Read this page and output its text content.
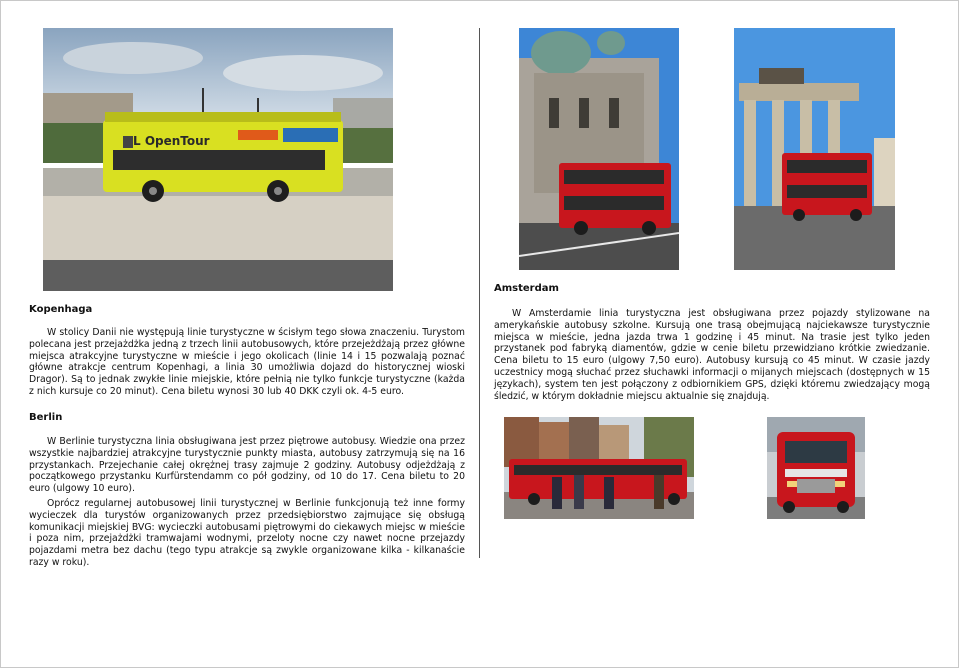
L OpenTour
Kopenhaga

W stolicy Danii nie występują linie turystyczne w ścisłym tego słowa znaczeniu. Turystom polecana jest przejażdżka jedną z trzech linii autobusowych, które przejeżdżają przez główne miejsca atrakcyjne turystyczne w mieście i jego okolicach (linie 14 i 15 pozwalają poznać główne atrakcje centrum Kopenhagi, a linia 30 umożliwia dojazd do historycznej wioski Dragor). Są to jednak zwykłe linie miejskie, które pełnią nie tylko funkcje turystyczne (każda z nich kursuje co 20 minut). Cena biletu wynosi 30 lub 40 DKK czyli ok. 4-5 euro.

Berlin

W Berlinie turystyczna linia obsługiwana jest przez piętrowe autobusy. Wiedzie ona przez wszystkie najbardziej atrakcyjne turystycznie punkty miasta, autobusy zatrzymują się na 16 przystankach. Przejechanie całej okrężnej trasy zajmuje 2 godziny. Autobusy odjeżdżają z początkowego przystanku Kurfürstendamm co pół godziny, od 10 do 17. Cena biletu to 20 euro (ulgowy 10 euro).

Oprócz regularnej autobusowej linii turystycznej w Berlinie funkcjonują też inne formy wycieczek dla turystów organizowanych przez przedsiębiorstwo zajmujące się obsługą komunikacji miejskiej BVG: wycieczki autobusami piętrowymi do ciekawych miejsc w mieście i poza nim, przejażdżki tramwajami wodnymi, przeloty nocne czy nawet nocne przejazdy pojazdami metra bez dachu (tego typu atrakcje są zwykle organizowane kilka - kilkanaście razy w roku).

Amsterdam

W Amsterdamie linia turystyczna jest obsługiwana przez pojazdy stylizowane na amerykańskie autobusy szkolne. Kursują one trasą obejmującą najciekawsze turystycznie miejsca w mieście, jedna jazda trwa 1 godzinę i 45 minut. Na trasie jest tylko jeden przystanek pod fabryką diamentów, gdzie w cenie biletu przewidziano krótkie zwiedzanie. Cena biletu to 15 euro (ulgowy 7,50 euro). Autobusy kursują co 45 minut. W czasie jazdy uczestnicy mogą słuchać przez słuchawki informacji o mijanych miejscach (dostępnych w 15 językach), system ten jest połączony z odbiornikiem GPS, dzięki któremu zwiedzający mogą śledzić, w którym dokładnie miejscu aktualnie się znajdują.
